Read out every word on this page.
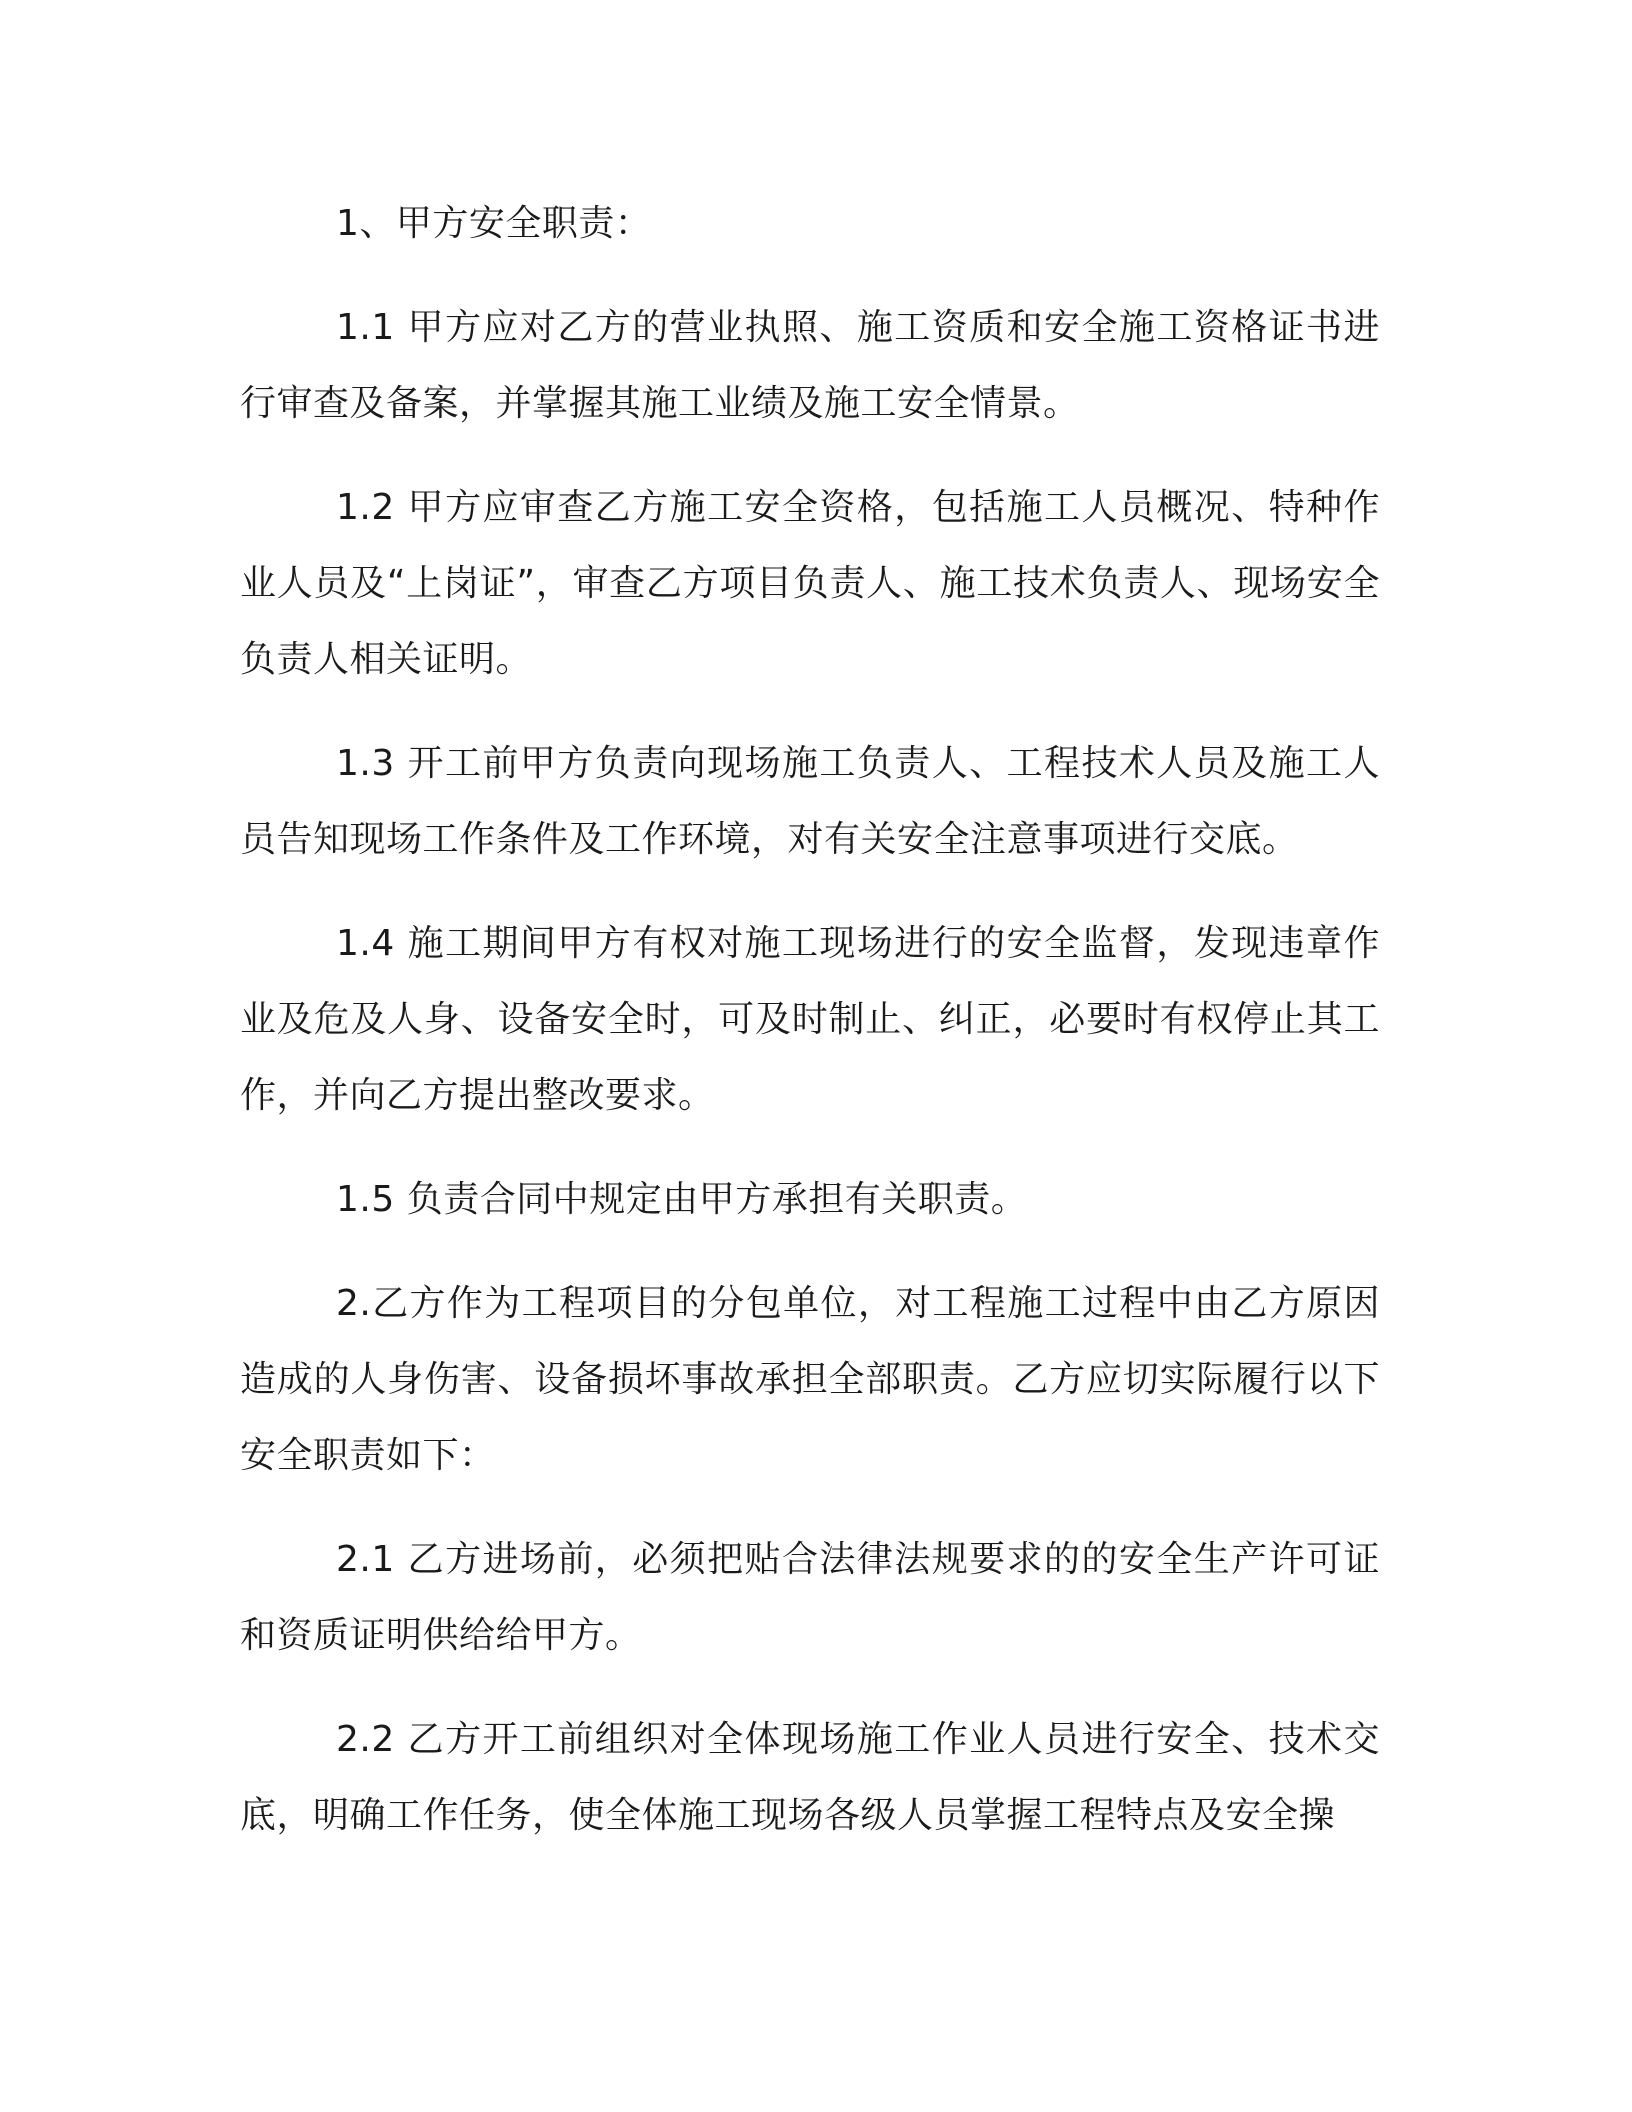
1、甲方安全职责：

1.1 甲方应对乙方的营业执照、施工资质和安全施工资格证书进行审查及备案，并掌握其施工业绩及施工安全情景。

1.2 甲方应审查乙方施工安全资格，包括施工人员概况、特种作业人员及“上岗证”，审查乙方项目负责人、施工技术负责人、现场安全负责人相关证明。

1.3 开工前甲方负责向现场施工负责人、工程技术人员及施工人员告知现场工作条件及工作环境，对有关安全注意事项进行交底。

1.4 施工期间甲方有权对施工现场进行的安全监督，发现违章作业及危及人身、设备安全时，可及时制止、纠正，必要时有权停止其工作，并向乙方提出整改要求。

1.5 负责合同中规定由甲方承担有关职责。

2.乙方作为工程项目的分包单位，对工程施工过程中由乙方原因造成的人身伤害、设备损坏事故承担全部职责。乙方应切实际履行以下安全职责如下：

2.1 乙方进场前，必须把贴合法律法规要求的的安全生产许可证和资质证明供给给甲方。

2.2 乙方开工前组织对全体现场施工作业人员进行安全、技术交底，明确工作任务，使全体施工现场各级人员掌握工程特点及安全操
